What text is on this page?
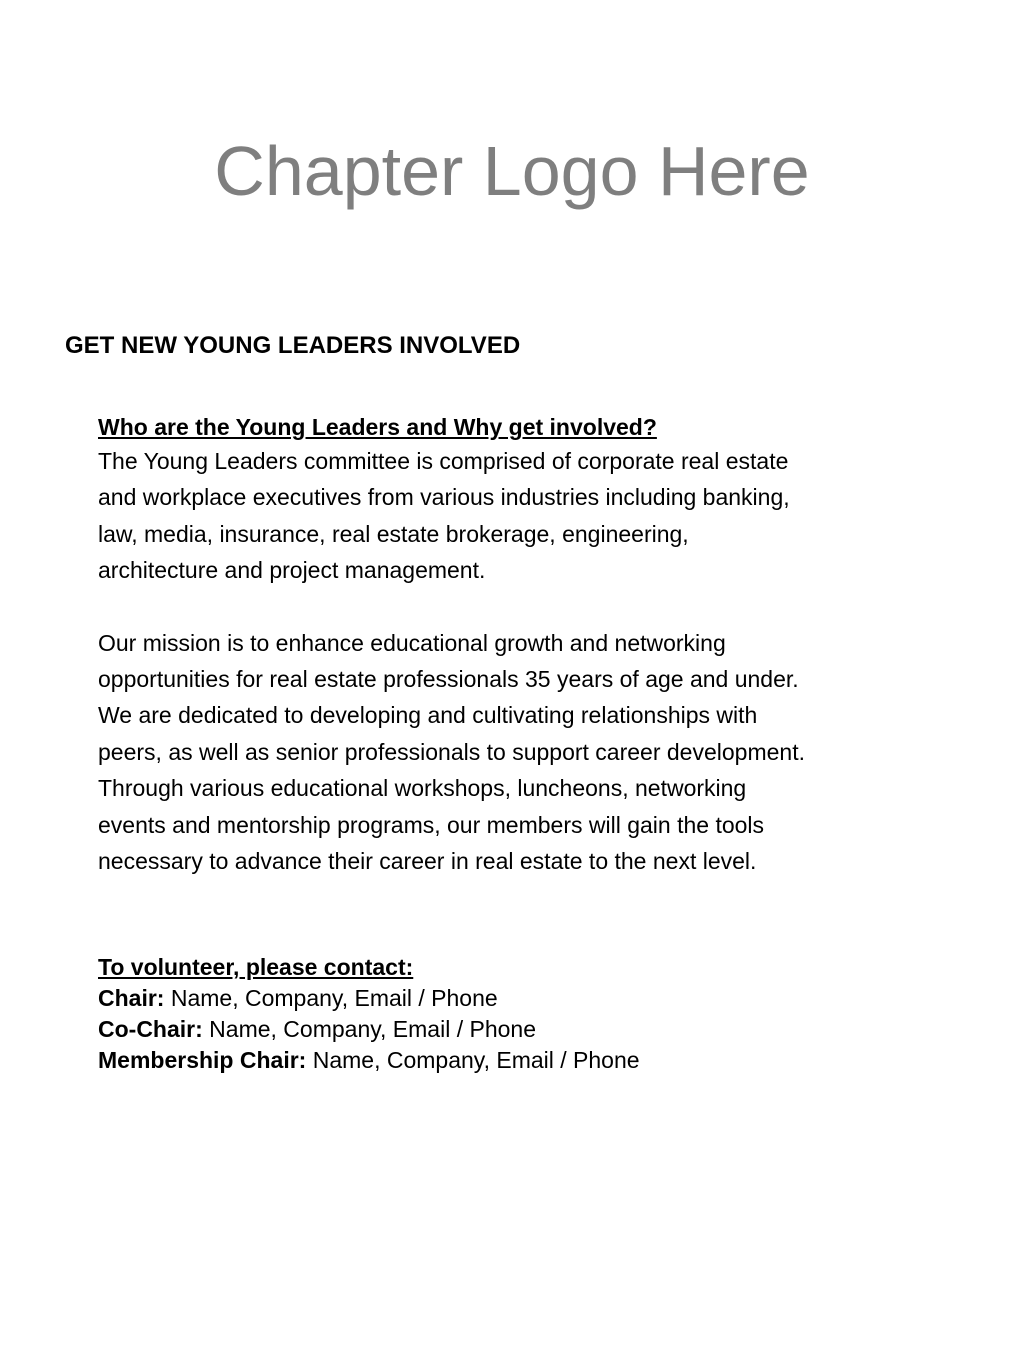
Chapter Logo Here
GET NEW YOUNG LEADERS INVOLVED
Who are the Young Leaders and Why get involved?

The Young Leaders committee is comprised of corporate real estate
and workplace executives from various industries including banking,
law, media, insurance, real estate brokerage, engineering,
architecture and project management.

Our mission is to enhance educational growth and networking
opportunities for real estate professionals 35 years of age and under.
We are dedicated to developing and cultivating relationships with
peers, as well as senior professionals to support career development.
Through various educational workshops, luncheons, networking
events and mentorship programs, our members will gain the tools
necessary to advance their career in real estate to the next level.

To volunteer, please contact:
Chair: Name, Company, Email / Phone
Co-Chair: Name, Company, Email / Phone
Membership Chair: Name, Company, Email / Phone
